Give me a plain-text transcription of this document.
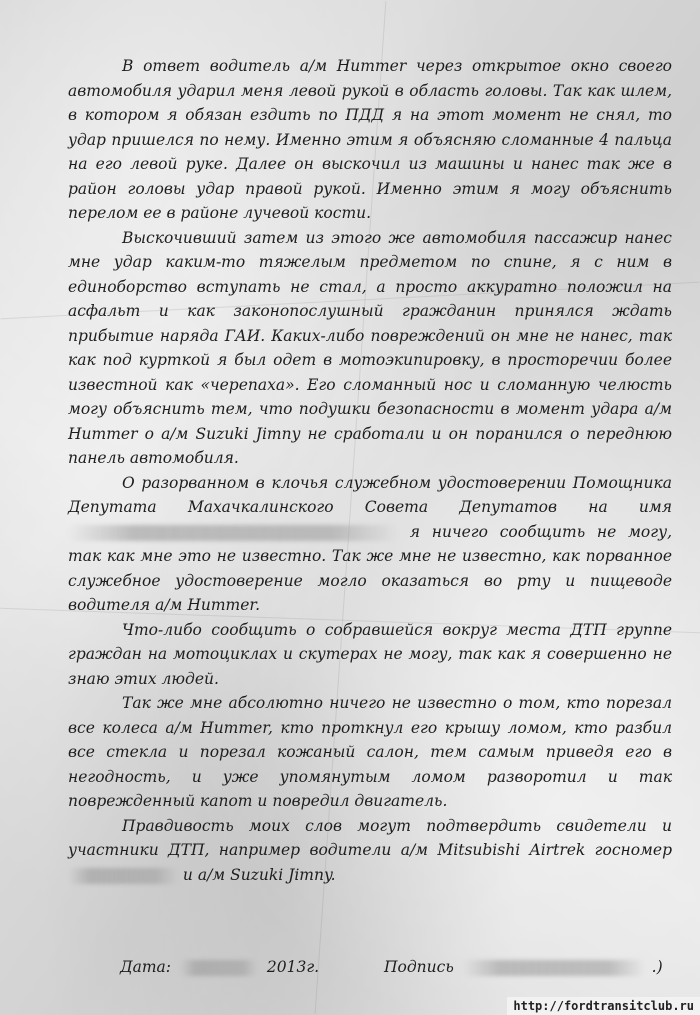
В ответ водитель а/м Hummer через открытое окно своего автомобиля ударил меня левой рукой в область головы. Так как шлем, в котором я обязан ездить по ПДД я на этот момент не снял, то удар пришелся по нему. Именно этим я объясняю сломанные 4 пальца на его левой руке. Далее он выскочил из машины и нанес так же в район головы удар правой рукой. Именно этим я могу объяснить перелом ее в районе лучевой кости.

Выскочивший затем из этого же автомобиля пассажир нанес мне удар каким-то тяжелым предметом по спине, я с ним в единоборство вступать не стал, а просто аккуратно положил на асфальт и как законопослушный гражданин принялся ждать прибытие наряда ГАИ. Каких-либо повреждений он мне не нанес, так как под курткой я был одет в мотоэкипировку, в просторечии более известной как «черепаха». Его сломанный нос и сломанную челюсть могу объяснить тем, что подушки безопасности в момент удара а/м Hummer о а/м Suzuki Jimny не сработали и он поранился о переднюю панель автомобиля.

О разорванном в клочья служебном удостоверении Помощника Депутата Махачкалинского Совета Депутатов на имя  я ничего сообщить не могу, так как мне это не известно. Так же мне не известно, как порванное служебное удостоверение могло оказаться во рту и пищеводе водителя а/м Hummer.

Что-либо сообщить о собравшейся вокруг места ДТП группе граждан на мотоциклах и скутерах не могу, так как я совершенно не знаю этих людей.

Так же мне абсолютно ничего не известно о том, кто порезал все колеса а/м Hummer, кто проткнул его крышу ломом, кто разбил все стекла и порезал кожаный салон, тем самым приведя его в негодность, и уже упомянутым ломом разворотил и так поврежденный капот и повредил двигатель.

Правдивость моих слов могут подтвердить свидетели и участники ДТП, например водители а/м Mitsubishi Airtrek госномер  и а/м Suzuki Jimny.

Дата:	2013г.	Подпись	.)
http://fordtransitclub.ru
